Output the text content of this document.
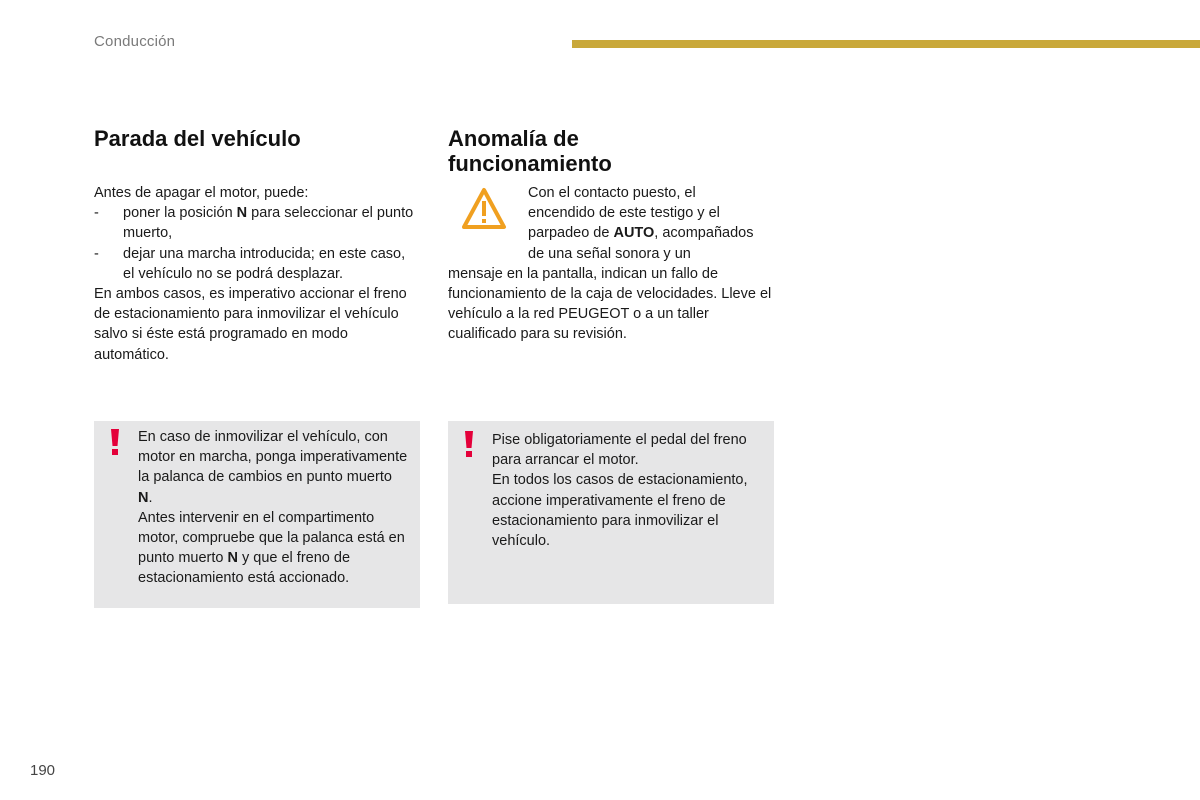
Conducción
Parada del vehículo
Antes de apagar el motor, puede:
-	poner la posición N para seleccionar el punto muerto,
-	dejar una marcha introducida; en este caso, el vehículo no se podrá desplazar.
En ambos casos, es imperativo accionar el freno de estacionamiento para inmovilizar el vehículo salvo si éste está programado en modo automático.
Anomalía de
funcionamiento
Con el contacto puesto, el
encendido de este testigo y el
parpadeo de AUTO, acompañados
de una señal sonora y un
mensaje en la pantalla, indican un fallo de funcionamiento de la caja de velocidades. Lleve el vehículo a la red PEUGEOT o a un taller cualificado para su revisión.
En caso de inmovilizar el vehículo, con motor en marcha, ponga imperativamente la palanca de cambios en punto muerto N.
Antes intervenir en el compartimento motor, compruebe que la palanca está en punto muerto N y que el freno de estacionamiento está accionado.
Pise obligatoriamente el pedal del freno para arrancar el motor.
En todos los casos de estacionamiento, accione imperativamente el freno de estacionamiento para inmovilizar el vehículo.
190
